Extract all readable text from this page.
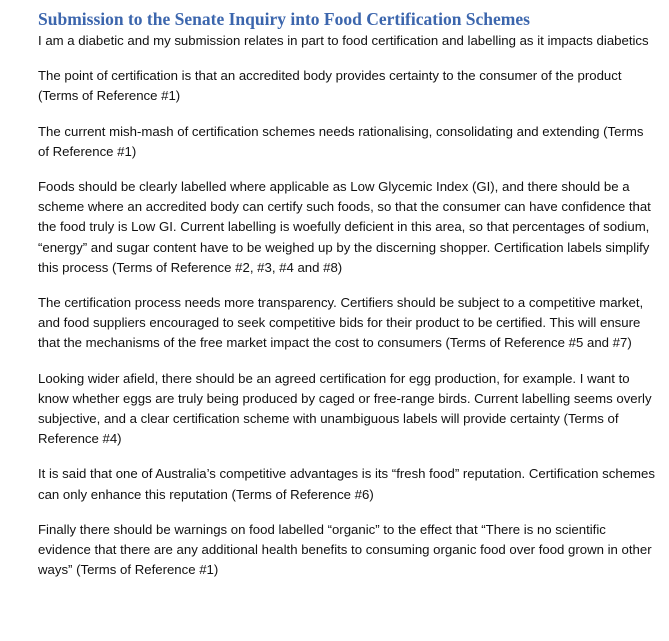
Submission to the Senate Inquiry into Food Certification Schemes

I am a diabetic and my submission relates in part to food certification and labelling as it impacts diabetics

The point of certification is that an accredited body provides certainty to the consumer of the product (Terms of Reference #1)

The current mish-mash of certification schemes needs rationalising, consolidating and extending (Terms of Reference #1)

Foods should be clearly labelled where applicable as Low Glycemic Index (GI), and there should be a scheme where an accredited body can certify such foods, so that the consumer can have confidence that the food truly is Low GI. Current labelling is woefully deficient in this area, so that percentages of sodium, “energy” and sugar content have to be weighed up by the discerning shopper. Certification labels simplify this process (Terms of Reference #2, #3, #4 and #8)

The certification process needs more transparency. Certifiers should be subject to a competitive market, and food suppliers encouraged to seek competitive bids for their product to be certified. This will ensure that the mechanisms of the free market impact the cost to consumers (Terms of Reference #5 and #7)

Looking wider afield, there should be an agreed certification for egg production, for example. I want to know whether eggs are truly being produced by caged or free-range birds. Current labelling seems overly subjective, and a clear certification scheme with unambiguous labels will provide certainty (Terms of Reference #4)

It is said that one of Australia’s competitive advantages is its “fresh food” reputation. Certification schemes can only enhance this reputation (Terms of Reference #6)

Finally there should be warnings on food labelled “organic” to the effect that “There is no scientific evidence that there are any additional health benefits to consuming organic food over food grown in other ways” (Terms of Reference #1)
